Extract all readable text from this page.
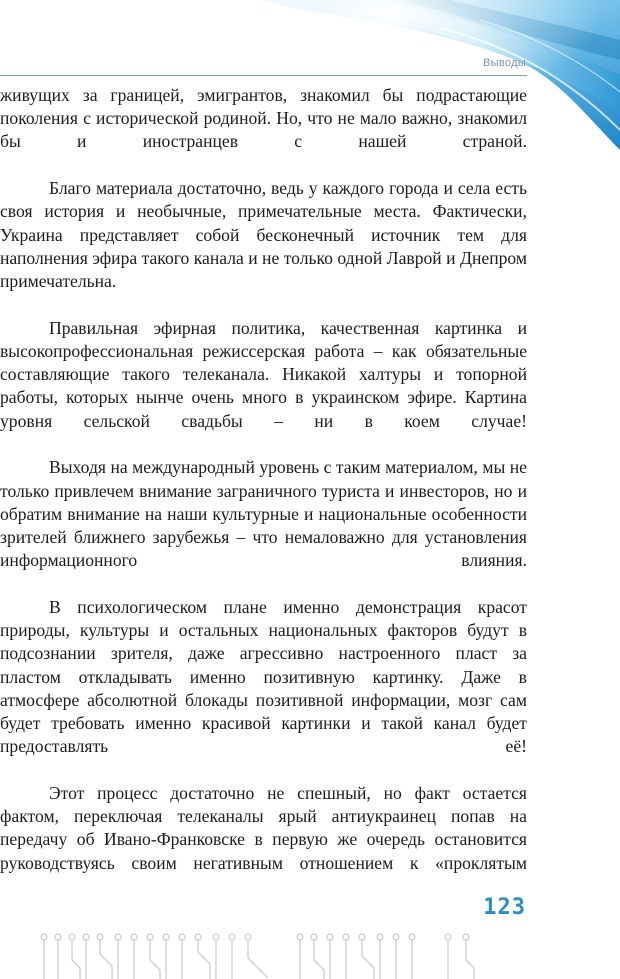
Выводы

живущих за границей, эмигрантов, знакомил бы подрастающие поколения с исторической родиной. Но, что не мало важно, знакомил бы и иностранцев с нашей страной.

Благо материала достаточно, ведь у каждого города и села есть своя история и необычные, примечательные места. Фактически, Украина представляет собой бесконечный источник тем для наполнения эфира такого канала и не только одной Лаврой и Днепром примечательна.

Правильная эфирная политика, качественная картинка и высокопрофессиональная режиссерская работа – как обязательные составляющие такого телеканала. Никакой халтуры и топорной работы, которых нынче очень много в украинском эфире. Картина уровня сельской свадьбы – ни в коем случае!

Выходя на международный уровень с таким материалом, мы не только привлечем внимание заграничного туриста и инвесторов, но и обратим внимание на наши культурные и национальные особенности зрителей ближнего зарубежья – что немаловажно для установления информационного влияния.

В психологическом плане именно демонстрация красот природы, культуры и остальных национальных факторов будут в подсознании зрителя, даже агрессивно настроенного пласт за пластом откладывать именно позитивную картинку. Даже в атмосфере абсолютной блокады позитивной информации, мозг сам будет требовать именно красивой картинки и такой канал будет предоставлять её!

Этот процесс достаточно не спешный, но факт остается фактом, переключая телеканалы ярый антиукраинец попав на передачу об Ивано-Франковске в первую же очередь остановится руководствуясь своим негативным отношением к «проклятым

123
